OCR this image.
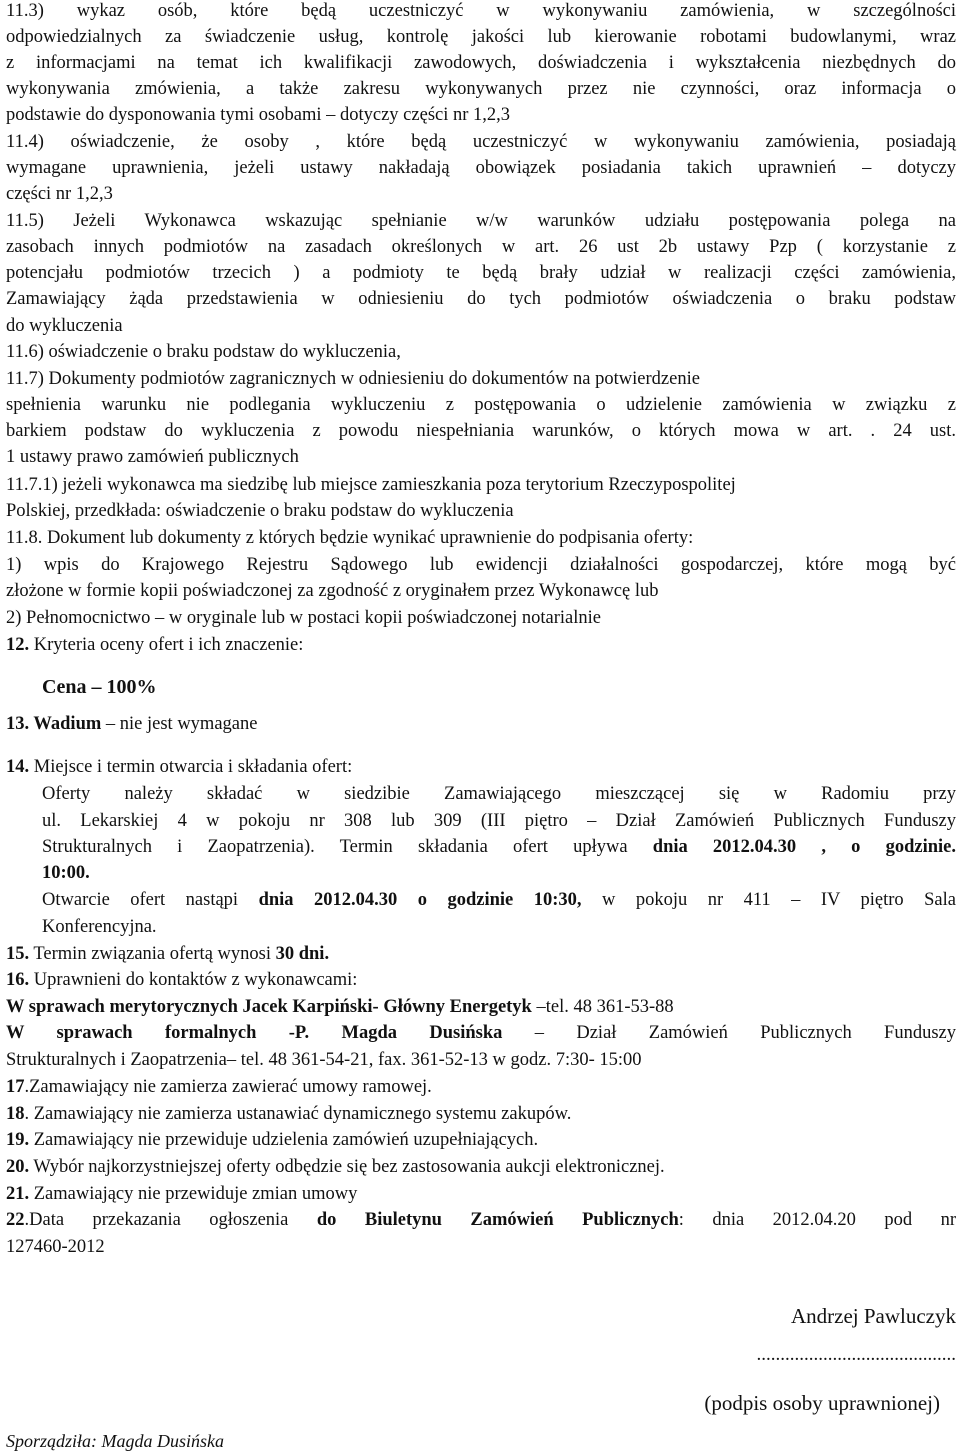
11.3) wykaz osób, które będą uczestniczyć w wykonywaniu zamówienia, w szczególności
odpowiedzialnych za świadczenie usług, kontrolę jakości lub kierowanie robotami budowlanymi, wraz
z informacjami na temat ich kwalifikacji zawodowych, doświadczenia i wykształcenia niezbędnych do
wykonywania zmówienia, a także zakresu wykonywanych przez nie czynności, oraz informacja o
podstawie do dysponowania tymi osobami – dotyczy części nr 1,2,3
11.4) oświadczenie, że osoby , które będą uczestniczyć w wykonywaniu zamówienia, posiadają
wymagane uprawnienia, jeżeli ustawy nakładają obowiązek posiadania takich uprawnień – dotyczy
części nr 1,2,3
11.5) Jeżeli Wykonawca wskazując spełnianie w/w warunków udziału postępowania polega na
zasobach innych podmiotów na zasadach określonych w art. 26 ust 2b ustawy Pzp ( korzystanie z
potencjału podmiotów trzecich ) a podmioty te będą brały udział w realizacji części zamówienia,
Zamawiający żąda przedstawienia w odniesieniu do tych podmiotów oświadczenia o braku podstaw
do wykluczenia
11.6) oświadczenie o braku podstaw do wykluczenia,
11.7) Dokumenty podmiotów zagranicznych w odniesieniu do dokumentów na potwierdzenie
spełnienia warunku nie podlegania wykluczeniu z postępowania o udzielenie zamówienia w związku z
barkiem podstaw do wykluczenia z powodu niespełniania warunków, o których mowa w art. . 24 ust.
1 ustawy prawo zamówień publicznych
11.7.1) jeżeli wykonawca ma siedzibę lub miejsce zamieszkania poza terytorium Rzeczypospolitej
Polskiej, przedkłada: oświadczenie o braku podstaw do wykluczenia
11.8. Dokument lub dokumenty z których będzie wynikać uprawnienie do podpisania oferty:
1) wpis do Krajowego Rejestru Sądowego lub ewidencji działalności gospodarczej, które mogą być
złożone w formie kopii poświadczonej za zgodność z oryginałem przez Wykonawcę lub
2) Pełnomocnictwo – w oryginale lub w postaci kopii poświadczonej notarialnie
12. Kryteria oceny ofert i ich znaczenie:
Cena – 100%
13. Wadium – nie jest wymagane
14. Miejsce i termin otwarcia i składania ofert:
Oferty należy składać w siedzibie Zamawiającego mieszczącej się w Radomiu przy
ul. Lekarskiej 4 w pokoju nr 308 lub 309 (III piętro – Dział Zamówień Publicznych Funduszy
Strukturalnych i Zaopatrzenia). Termin składania ofert upływa dnia 2012.04.30 , o godzinie.
10:00.
Otwarcie ofert nastąpi dnia 2012.04.30 o godzinie 10:30, w pokoju nr 411 – IV piętro Sala
Konferencyjna.
15. Termin związania ofertą wynosi 30 dni.
16. Uprawnieni do kontaktów z wykonawcami:
W sprawach merytorycznych Jacek Karpiński- Główny Energetyk –tel. 48 361-53-88
W sprawach formalnych -P. Magda Dusińska – Dział Zamówień Publicznych Funduszy
Strukturalnych i Zaopatrzenia– tel. 48 361-54-21, fax. 361-52-13 w godz. 7:30- 15:00
17.Zamawiający nie zamierza zawierać umowy ramowej.
18. Zamawiający nie zamierza ustanawiać dynamicznego systemu zakupów.
19. Zamawiający nie przewiduje udzielenia zamówień uzupełniających.
20. Wybór najkorzystniejszej oferty odbędzie się bez zastosowania aukcji elektronicznej.
21. Zamawiający nie przewiduje zmian umowy
22.Data przekazania ogłoszenia do Biuletynu Zamówień Publicznych: dnia 2012.04.20 pod nr
127460-2012
Andrzej Pawluczyk
..........................................
(podpis osoby uprawnionej)
Sporządziła: Magda Dusińska
